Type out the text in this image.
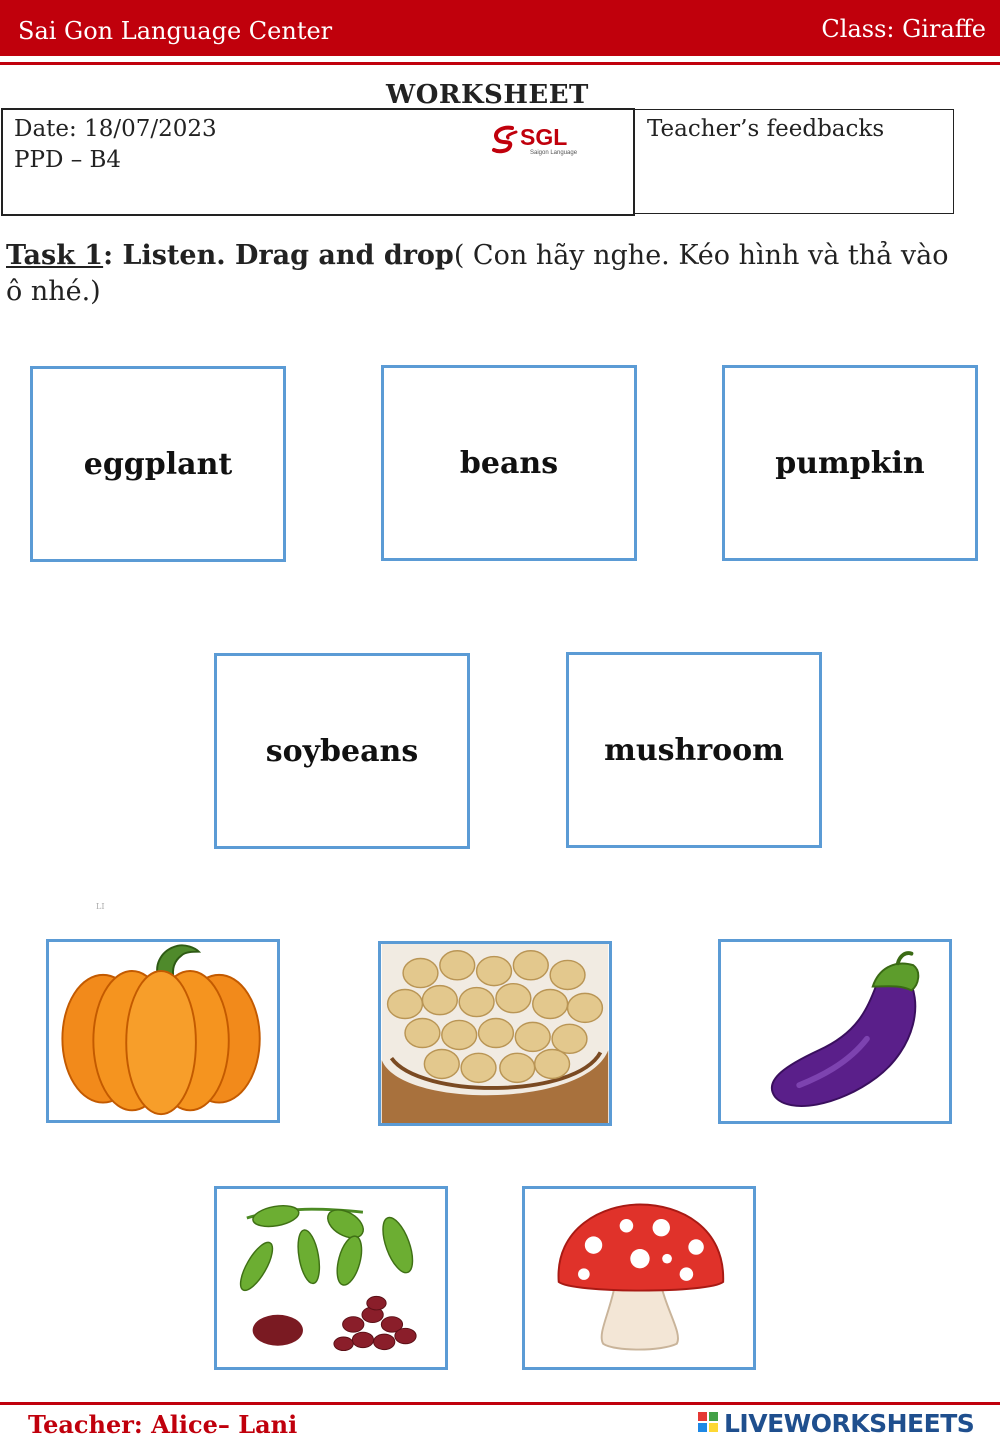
Sai Gon Language Center	Class: Giraffe
WORKSHEET
Date: 18/07/2023
PPD – B4
SGL
Saigon Language
Teacher’s feedbacks
Task 1: Listen. Drag and drop( Con hãy nghe. Kéo hình và thả vào ô nhé.)
eggplant	beans	pumpkin
soybeans	mushroom
LI
Teacher: Alice– Lani	LIVEWORKSHEETS
